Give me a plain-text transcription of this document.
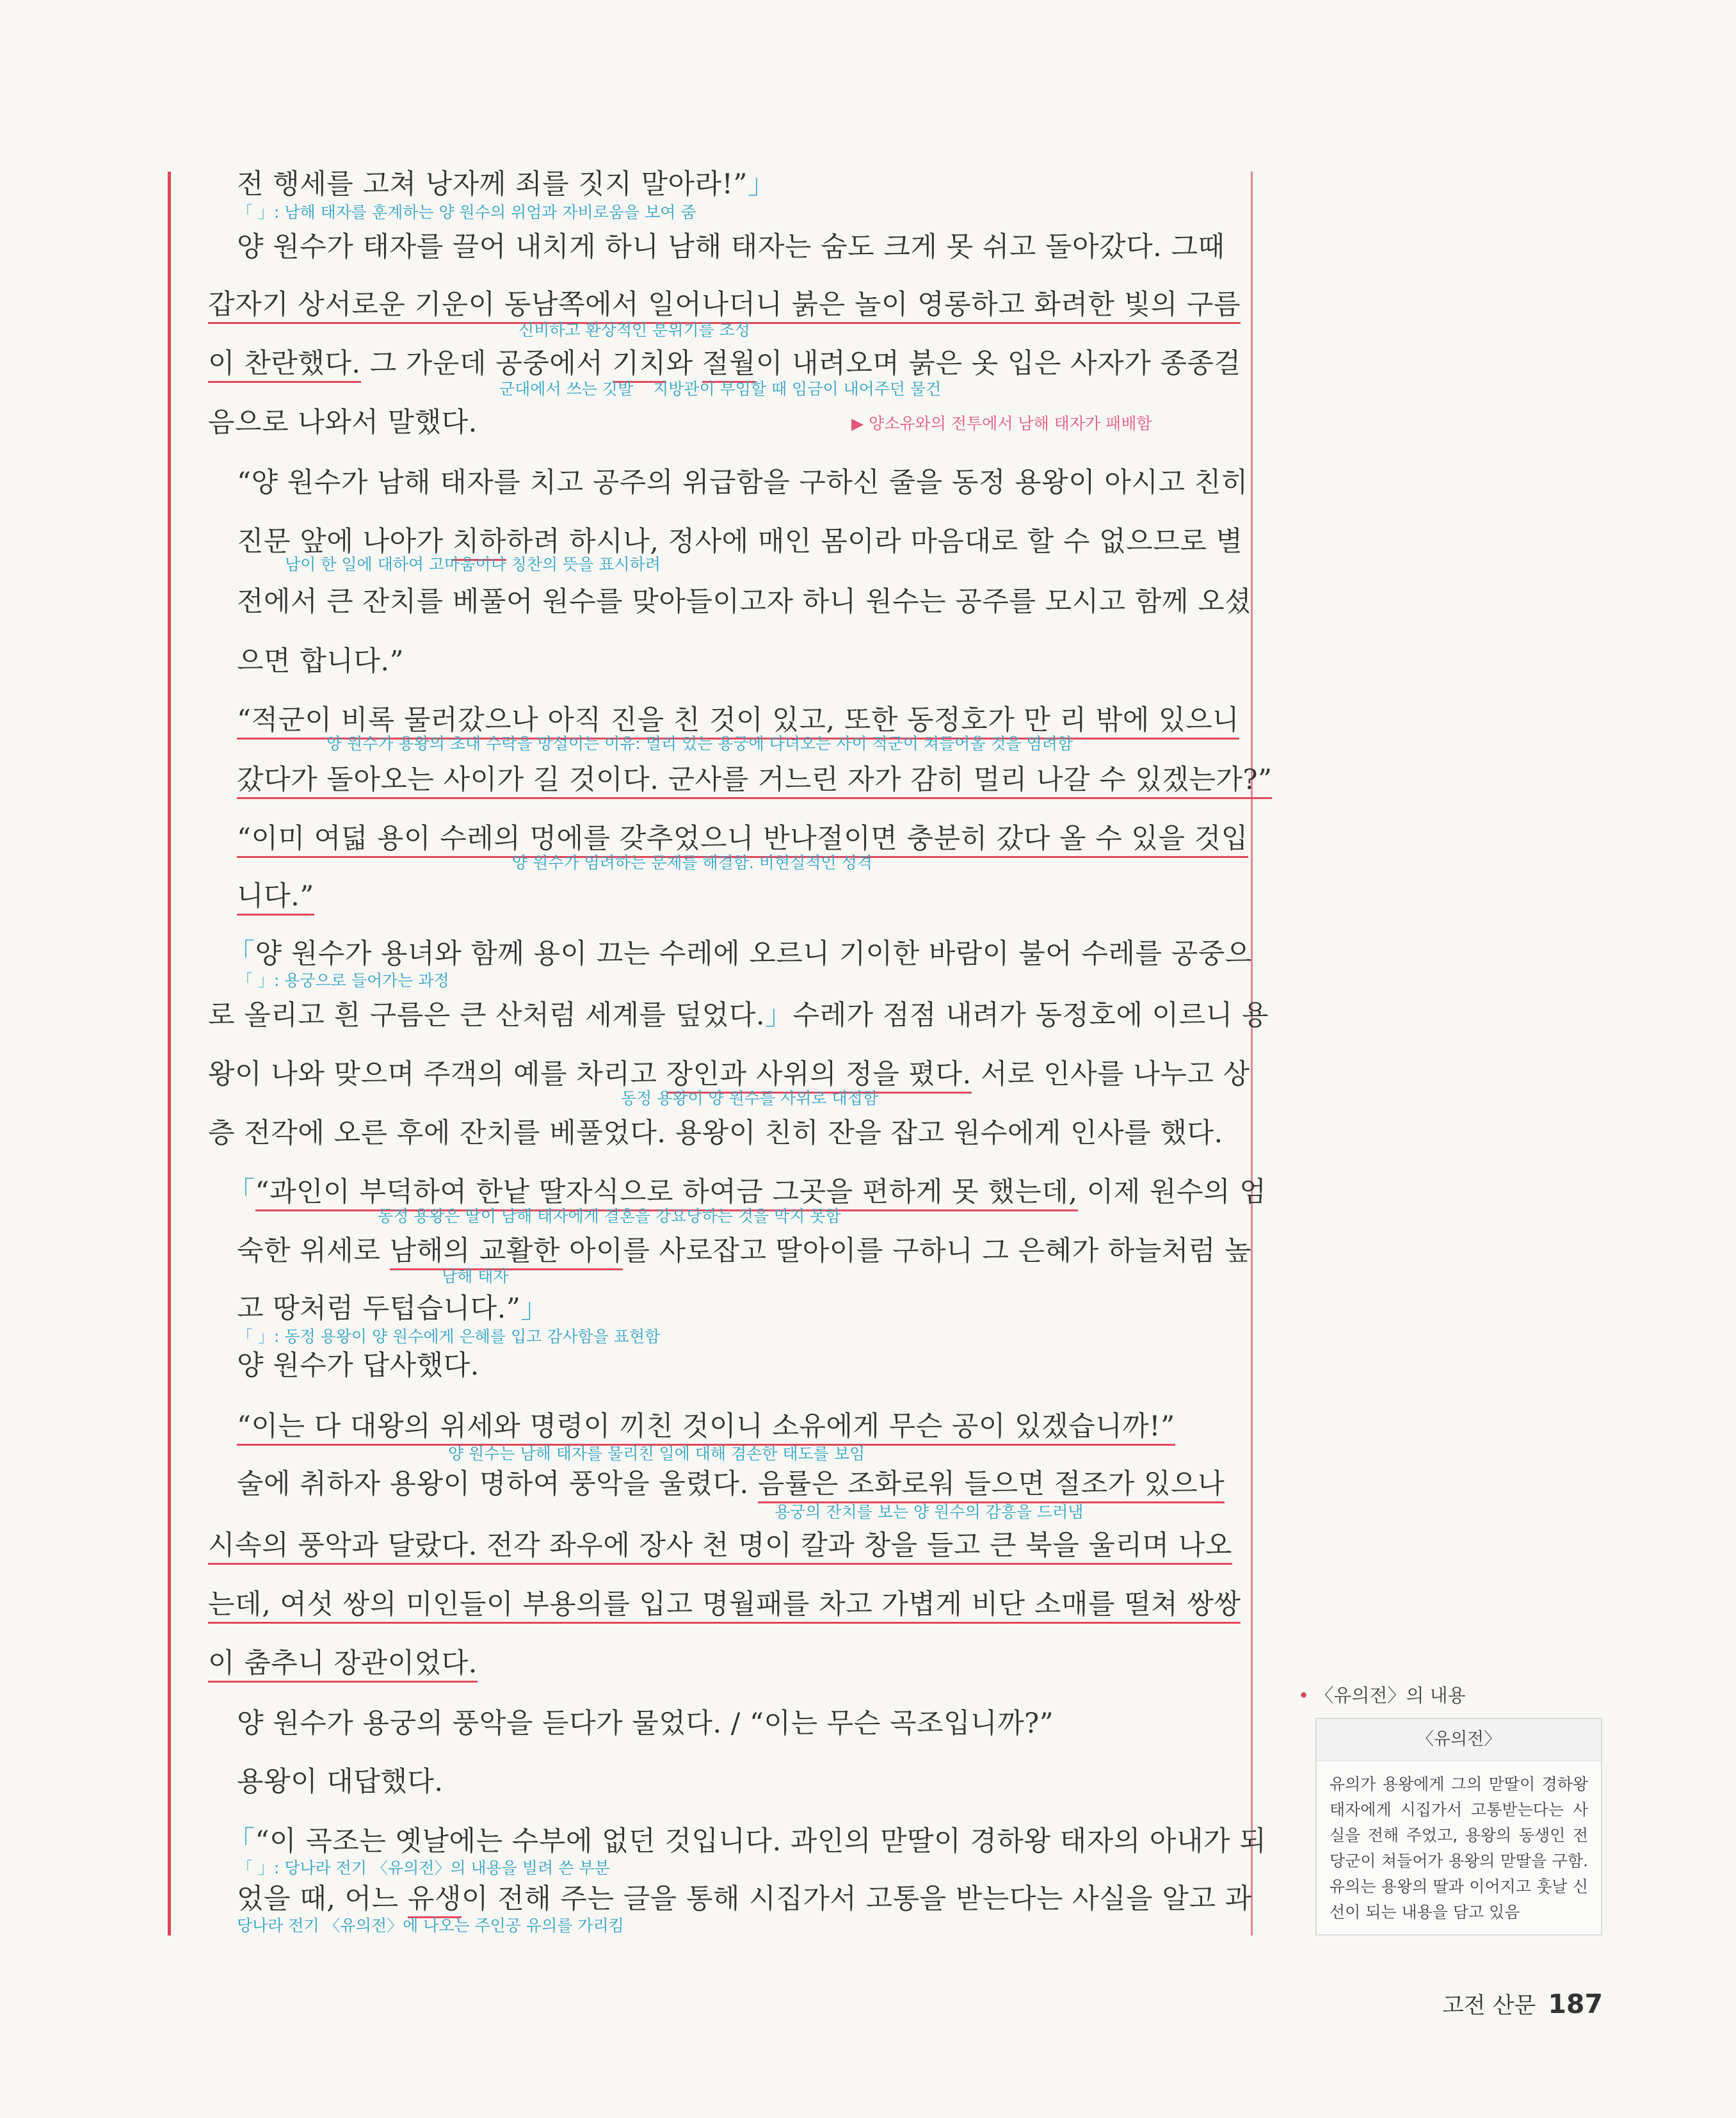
전 행세를 고쳐 낭자께 죄를 짓지 말아라!”」
양 원수가 태자를 끌어 내치게 하니 남해 태자는 숨도 크게 못 쉬고 돌아갔다. 그때
갑자기 상서로운 기운이 동남쪽에서 일어나더니 붉은 놀이 영롱하고 화려한 빛의 구름
이 찬란했다. 그 가운데 공중에서 기치와 절월이 내려오며 붉은 옷 입은 사자가 종종걸
음으로 나와서 말했다.
“양 원수가 남해 태자를 치고 공주의 위급함을 구하신 줄을 동정 용왕이 아시고 친히
진문 앞에 나아가 치하하려 하시나, 정사에 매인 몸이라 마음대로 할 수 없으므로 별
전에서 큰 잔치를 베풀어 원수를 맞아들이고자 하니 원수는 공주를 모시고 함께 오셨
으면 합니다.”
“적군이 비록 물러갔으나 아직 진을 친 것이 있고, 또한 동정호가 만 리 밖에 있으니
갔다가 돌아오는 사이가 길 것이다. 군사를 거느린 자가 감히 멀리 나갈 수 있겠는가?”
“이미 여덟 용이 수레의 멍에를 갖추었으니 반나절이면 충분히 갔다 올 수 있을 것입
니다.”
「양 원수가 용녀와 함께 용이 끄는 수레에 오르니 기이한 바람이 불어 수레를 공중으
로 올리고 흰 구름은 큰 산처럼 세계를 덮었다.」수레가 점점 내려가 동정호에 이르니 용
왕이 나와 맞으며 주객의 예를 차리고 장인과 사위의 정을 폈다. 서로 인사를 나누고 상
층 전각에 오른 후에 잔치를 베풀었다. 용왕이 친히 잔을 잡고 원수에게 인사를 했다.
「“과인이 부덕하여 한낱 딸자식으로 하여금 그곳을 편하게 못 했는데, 이제 원수의 엄
숙한 위세로 남해의 교활한 아이를 사로잡고 딸아이를 구하니 그 은혜가 하늘처럼 높
고 땅처럼 두텁습니다.”」
양 원수가 답사했다.
“이는 다 대왕의 위세와 명령이 끼친 것이니 소유에게 무슨 공이 있겠습니까!”
술에 취하자 용왕이 명하여 풍악을 울렸다. 음률은 조화로워 들으면 절조가 있으나
시속의 풍악과 달랐다. 전각 좌우에 장사 천 명이 칼과 창을 들고 큰 북을 울리며 나오
는데, 여섯 쌍의 미인들이 부용의를 입고 명월패를 차고 가볍게 비단 소매를 떨쳐 쌍쌍
이 춤추니 장관이었다.
양 원수가 용궁의 풍악을 듣다가 물었다. / “이는 무슨 곡조입니까?”
용왕이 대답했다.
「“이 곡조는 옛날에는 수부에 없던 것입니다. 과인의 맏딸이 경하왕 태자의 아내가 되
었을 때, 어느 유생이 전해 주는 글을 통해 시집가서 고통을 받는다는 사실을 알고 과
「 」: 남해 태자를 훈계하는 양 원수의 위엄과 자비로움을 보여 줌
신비하고 환상적인 분위기를 조성
군대에서 쓰는 깃발 지방관이 부임할 때 임금이 내어주던 물건
▶ 양소유와의 전투에서 남해 태자가 패배함
남이 한 일에 대하여 고마움이나 칭찬의 뜻을 표시하려
양 원수가 용왕의 초대 수락을 망설이는 이유: 멀리 있는 용궁에 다녀오는 사이 적군이 쳐들어올 것을 염려함
양 원수가 염려하는 문제를 해결함. 비현실적인 성격
「 」: 용궁으로 들어가는 과정
동정 용왕이 양 원수를 사위로 대접함
동정 용왕은 딸이 남해 태자에게 결혼을 강요당하는 것을 막지 못함
남해 태자
「 」: 동정 용왕이 양 원수에게 은혜를 입고 감사함을 표현함
양 원수는 남해 태자를 물리친 일에 대해 겸손한 태도를 보임
용궁의 잔치를 보는 양 원수의 감흥을 드러냄
「 」: 당나라 전기 〈유의전〉의 내용을 빌려 쓴 부분
당나라 전기 〈유의전〉에 나오는 주인공 유의를 가리킴
• 〈유의전〉의 내용
〈유의전〉
유의가 용왕에게 그의 맏딸이 경하왕 태자에게 시집가서 고통받는다는 사실을 전해 주었고, 용왕의 동생인 전당군이 쳐들어가 용왕의 맏딸을 구함. 유의는 용왕의 딸과 이어지고 훗날 신선이 되는 내용을 담고 있음
고전 산문 187
